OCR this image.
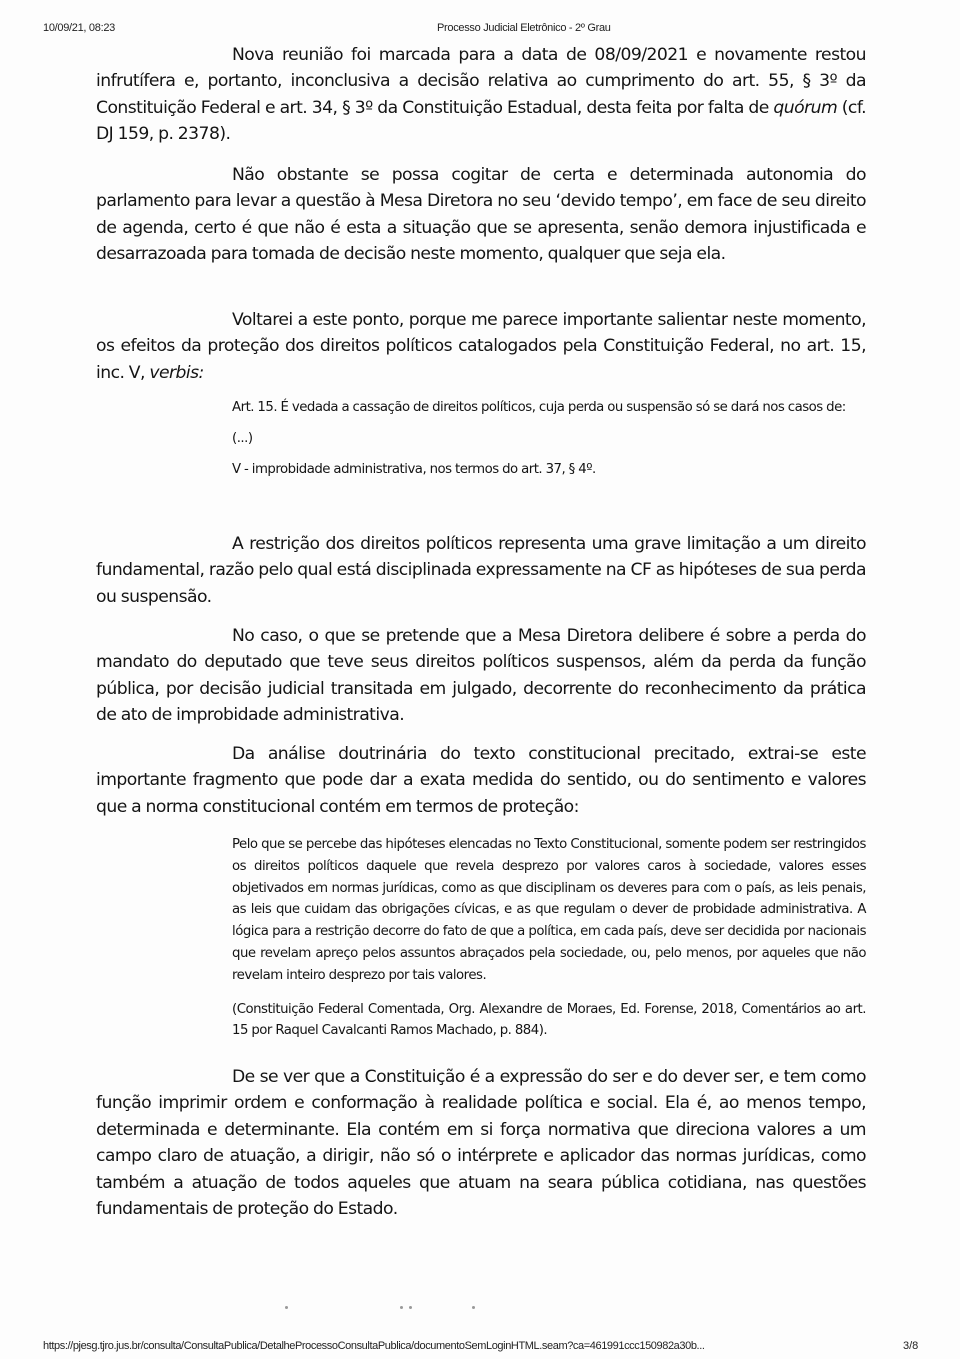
10/09/21, 08:23	Processo Judicial Eletrônico - 2º Grau

Nova reunião foi marcada para a data de 08/09/2021 e novamente restou infrutífera e, portanto, inconclusiva a decisão relativa ao cumprimento do art. 55, § 3º da Constituição Federal e art. 34, § 3º da Constituição Estadual, desta feita por falta de quórum (cf. DJ 159, p. 2378).

Não obstante se possa cogitar de certa e determinada autonomia do parlamento para levar a questão à Mesa Diretora no seu ‘devido tempo’, em face de seu direito de agenda, certo é que não é esta a situação que se apresenta, senão demora injustificada e desarrazoada para tomada de decisão neste momento, qualquer que seja ela.

Voltarei a este ponto, porque me parece importante salientar neste momento, os efeitos da proteção dos direitos políticos catalogados pela Constituição Federal, no art. 15, inc. V, verbis:

Art. 15. É vedada a cassação de direitos políticos, cuja perda ou suspensão só se dará nos casos de:

(...)

V - improbidade administrativa, nos termos do art. 37, § 4º.

A restrição dos direitos políticos representa uma grave limitação a um direito fundamental, razão pelo qual está disciplinada expressamente na CF as hipóteses de sua perda ou suspensão.

No caso, o que se pretende que a Mesa Diretora delibere é sobre a perda do mandato do deputado que teve seus direitos políticos suspensos, além da perda da função pública, por decisão judicial transitada em julgado, decorrente do reconhecimento da prática de ato de improbidade administrativa.

Da análise doutrinária do texto constitucional precitado, extrai-se este importante fragmento que pode dar a exata medida do sentido, ou do sentimento e valores que a norma constitucional contém em termos de proteção:

Pelo que se percebe das hipóteses elencadas no Texto Constitucional, somente podem ser restringidos os direitos políticos daquele que revela desprezo por valores caros à sociedade, valores esses objetivados em normas jurídicas, como as que disciplinam os deveres para com o país, as leis penais, as leis que cuidam das obrigações cívicas, e as que regulam o dever de probidade administrativa. A lógica para a restrição decorre do fato de que a política, em cada país, deve ser decidida por nacionais que revelam apreço pelos assuntos abraçados pela sociedade, ou, pelo menos, por aqueles que não revelam inteiro desprezo por tais valores.

(Constituição Federal Comentada, Org. Alexandre de Moraes, Ed. Forense, 2018, Comentários ao art. 15 por Raquel Cavalcanti Ramos Machado, p. 884).

De se ver que a Constituição é a expressão do ser e do dever ser, e tem como função imprimir ordem e conformação à realidade política e social. Ela é, ao menos tempo, determinada e determinante. Ela contém em si força normativa que direciona valores a um campo claro de atuação, a dirigir, não só o intérprete e aplicador das normas jurídicas, como também a atuação de todos aqueles que atuam na seara pública cotidiana, nas questões fundamentais de proteção do Estado.

https://pjesg.tjro.jus.br/consulta/ConsultaPublica/DetalheProcessoConsultaPublica/documentoSemLoginHTML.seam?ca=461991ccc150982a30b...	3/8
